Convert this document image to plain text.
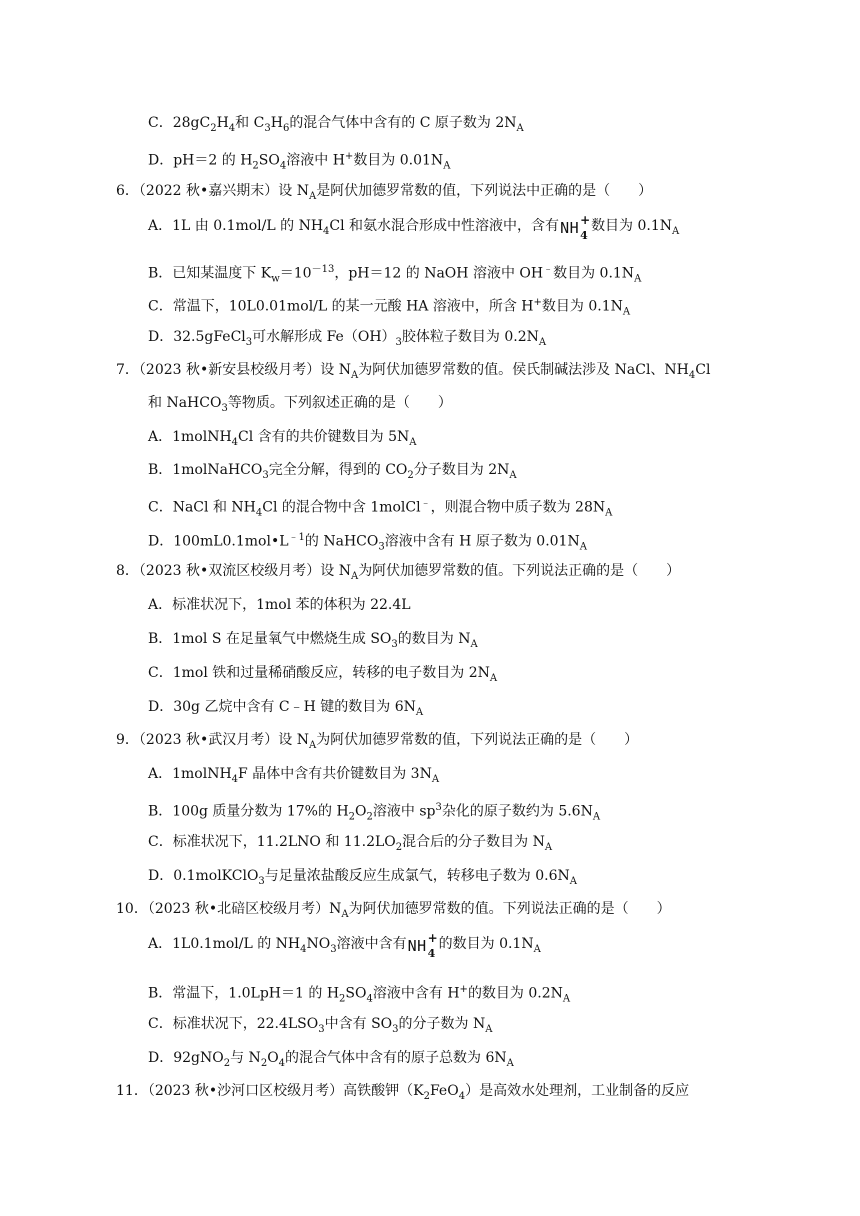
C．$28gC_2H_4$和 $C_3H_6$的混合气体中含有的 C 原子数为 $2N_A$
D．pH＝2 的 $H_2SO_4$溶液中 H+数目为 $0.01N_A$
6．（2022 秋•嘉兴期末）设 $N_A$是阿伏加德罗常数的值，下列说法中正确的是（　　）
A．1L 由 0.1mol/L 的 $NH_4Cl$ 和氨水混合形成中性溶液中，含有 NH +
4
数目为 $0.1N_A$
B．已知某温度下 $K_w=10^{-13}$，pH＝12 的 NaOH 溶液中 OH﹣数目为 $0.1N_A$
C．常温下，10L0.01mol/L 的某一元酸 HA 溶液中，所含 H+数目为 $0.1N_A$
D．32.5gFeCl$_3$可水解形成 $Fe(OH)_3$胶体粒子数目为 $0.2N_A$
7．（2023 秋•新安县校级月考）设 $N_A$为阿伏加德罗常数的值。侯氏制碱法涉及 NaCl、$NH_4Cl$
和 NaHCO$_3$等物质。下列叙述正确的是（　　）
A．1molNH$_4$Cl 含有的共价键数目为 $5N_A$
B．1molNaHCO$_3$完全分解，得到的 $CO_2$分子数目为 $2N_A$
C．NaCl 和 $NH_4Cl$ 的混合物中含 1molCl﹣，则混合物中质子数为 $28N_A$
D．$100mL0.1mol•L^{﹣1}$的 NaHCO$_3$溶液中含有 H 原子数为 $0.01N_A$
8．（2023 秋•双流区校级月考）设 $N_A$为阿伏加德罗常数的值。下列说法正确的是（　　）
A．标准状况下，1mol 苯的体积为 22.4L
B．1mol S 在足量氧气中燃烧生成 $SO_3$的数目为 $N_A$
C．1mol 铁和过量稀硝酸反应，转移的电子数目为 $2N_A$
D．30g 乙烷中含有 C﹣H 键的数目为 $6N_A$
9．（2023 秋•武汉月考）设 $N_A$为阿伏加德罗常数的值，下列说法正确的是（　　）
A．1molNH$_4$F 晶体中含有共价键数目为 $3N_A$
B．100g 质量分数为 17%的 $H_2O_2$溶液中 $sp^3$杂化的原子数约为 $5.6N_A$
C．标准状况下，11.2LNO 和 $11.2LO_2$混合后的分子数目为 $N_A$
D．0.1molKClO$_3$与足量浓盐酸反应生成氯气，转移电子数为 $0.6N_A$
10．（2023 秋•北碚区校级月考）$N_A$为阿伏加德罗常数的值。下列说法正确的是（　　）
A．1L0.1mol/L 的 $NH_4NO_3$溶液中含有 NH +
4
的数目为 $0.1N_A$
B．常温下，1.0LpH＝1 的 $H_2SO_4$溶液中含有 H+的数目为 $0.2N_A$
C．标准状况下，$22.4LSO_3$中含有 $SO_3$的分子数为 $N_A$
D．92gNO$_2$与 $N_2O_4$的混合气体中含有的原子总数为 $6N_A$
11．（2023 秋•沙河口区校级月考）高铁酸钾$(K_2FeO_4)$是高效水处理剂，工业制备的反应
